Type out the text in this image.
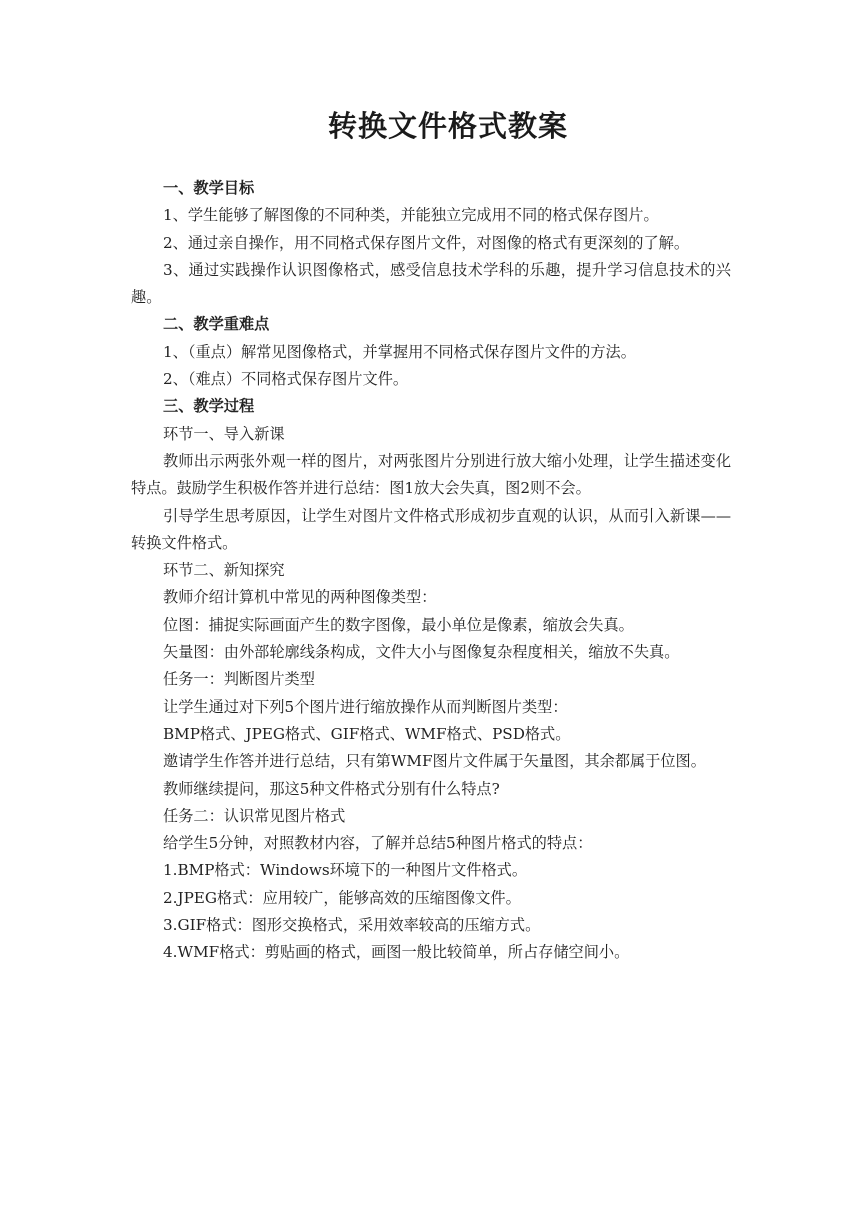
转换文件格式教案
一、教学目标

1、学生能够了解图像的不同种类，并能独立完成用不同的格式保存图片。

2、通过亲自操作，用不同格式保存图片文件，对图像的格式有更深刻的了解。

3、通过实践操作认识图像格式，感受信息技术学科的乐趣，提升学习信息技术的兴趣。

二、教学重难点

1、（重点）解常见图像格式，并掌握用不同格式保存图片文件的方法。

2、（难点）不同格式保存图片文件。

三、教学过程

环节一、导入新课

教师出示两张外观一样的图片，对两张图片分别进行放大缩小处理，让学生描述变化特点。鼓励学生积极作答并进行总结：图1放大会失真，图2则不会。

引导学生思考原因，让学生对图片文件格式形成初步直观的认识，从而引入新课——转换文件格式。

环节二、新知探究

教师介绍计算机中常见的两种图像类型：

位图：捕捉实际画面产生的数字图像，最小单位是像素，缩放会失真。

矢量图：由外部轮廓线条构成，文件大小与图像复杂程度相关，缩放不失真。

任务一：判断图片类型

让学生通过对下列5个图片进行缩放操作从而判断图片类型：

BMP格式、JPEG格式、GIF格式、WMF格式、PSD格式。

邀请学生作答并进行总结，只有第WMF图片文件属于矢量图，其余都属于位图。

教师继续提问，那这5种文件格式分别有什么特点?

任务二：认识常见图片格式

给学生5分钟，对照教材内容，了解并总结5种图片格式的特点：

1.BMP格式：Windows环境下的一种图片文件格式。

2.JPEG格式：应用较广，能够高效的压缩图像文件。

3.GIF格式：图形交换格式，采用效率较高的压缩方式。

4.WMF格式：剪贴画的格式，画图一般比较简单，所占存储空间小。
